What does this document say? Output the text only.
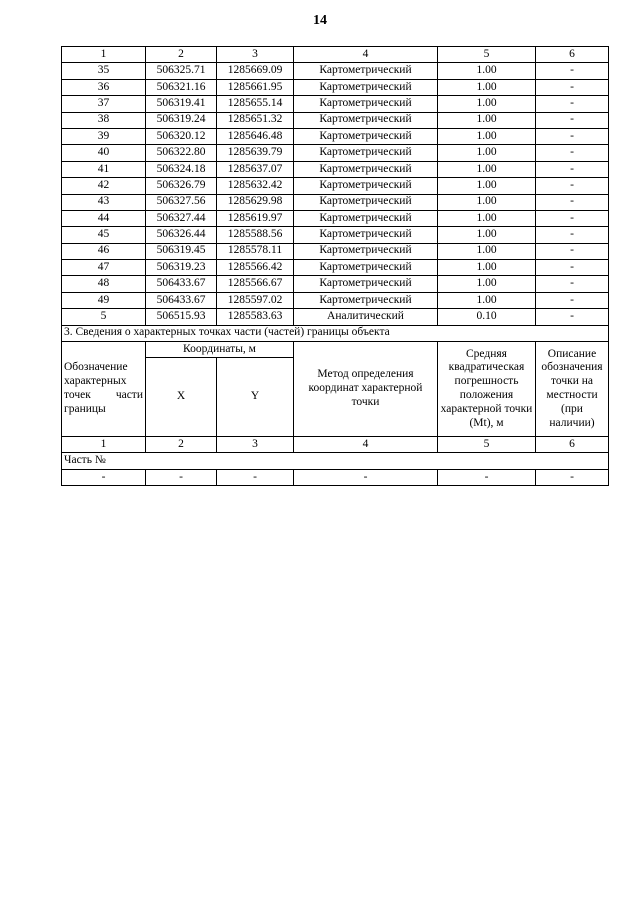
14
1	2	3	4	5	6
35	506325.71	1285669.09	Картометрический	1.00	-
36	506321.16	1285661.95	Картометрический	1.00	-
37	506319.41	1285655.14	Картометрический	1.00	-
38	506319.24	1285651.32	Картометрический	1.00	-
39	506320.12	1285646.48	Картометрический	1.00	-
40	506322.80	1285639.79	Картометрический	1.00	-
41	506324.18	1285637.07	Картометрический	1.00	-
42	506326.79	1285632.42	Картометрический	1.00	-
43	506327.56	1285629.98	Картометрический	1.00	-
44	506327.44	1285619.97	Картометрический	1.00	-
45	506326.44	1285588.56	Картометрический	1.00	-
46	506319.45	1285578.11	Картометрический	1.00	-
47	506319.23	1285566.42	Картометрический	1.00	-
48	506433.67	1285566.67	Картометрический	1.00	-
49	506433.67	1285597.02	Картометрический	1.00	-
5	506515.93	1285583.63	Аналитический	0.10	-
3. Сведения о характерных точках части (частей) границы объекта					
Обозначение характерных точек части границы	Координаты, м		Метод определения координат характерной точки	Средняя квадратическая погрешность положения характерной точки (Mt), м	Описание обозначения точки на местности (при наличии)
	X	Y			
1	2	3	4	5	6
Часть №					
-	-	-	-	-	-
